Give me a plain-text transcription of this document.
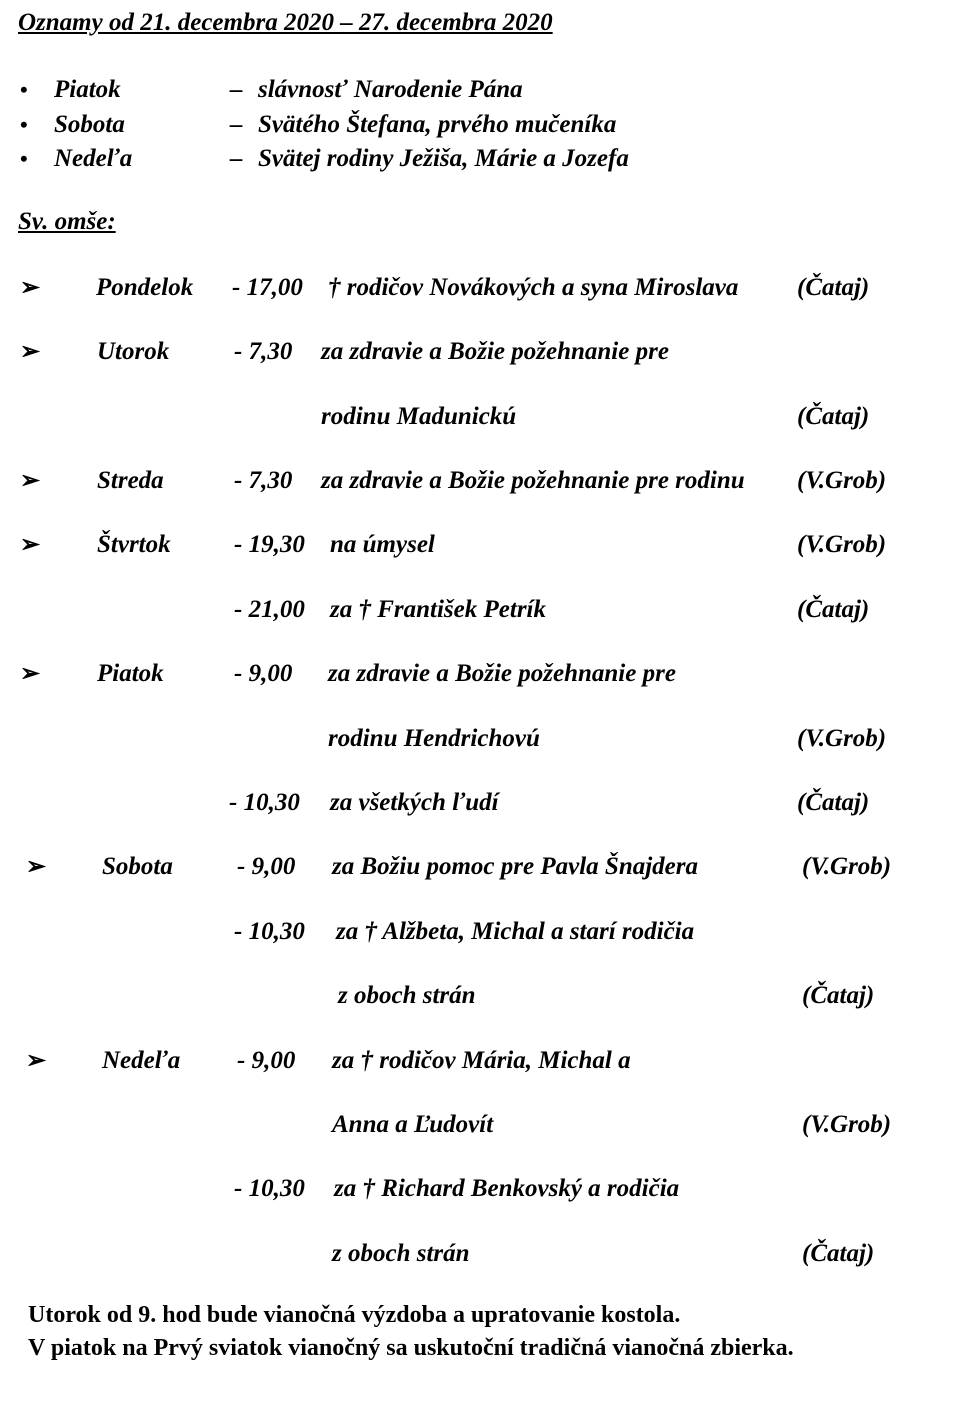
Oznamy od 21. decembra 2020 – 27. decembra 2020
• Piatok	– slávnosť Narodenie Pána
• Sobota	– Svätého Štefana, prvého mučeníka
• Nedeľa	– Svätej rodiny Ježiša, Márie a Jozefa
Sv. omše:
➢ Pondelok - 17,00 † rodičov Novákových a syna Miroslava (Čataj)
➢ Utorok	- 7,30 za zdravie a Božie požehnanie pre
rodinu Madunickú	(Čataj)
➢ Streda	- 7,30 za zdravie a Božie požehnanie pre rodinu (V.Grob)
➢ Štvrtok	- 19,30 na úmysel	(V.Grob)
- 21,00 za † František Petrík	(Čataj)
➢ Piatok	- 9,00 za zdravie a Božie požehnanie pre
rodinu Hendrichovú	(V.Grob)
- 10,30 za všetkých ľudí	(Čataj)
➢ Sobota	- 9,00 za Božiu pomoc pre Pavla Šnajdera	(V.Grob)
- 10,30 za † Alžbeta, Michal a starí rodičia
z oboch strán	(Čataj)
➢ Nedeľa - 9,00 za † rodičov Mária, Michal a
Anna a Ľudovít	(V.Grob)
- 10,30 za † Richard Benkovský a rodičia
z oboch strán	(Čataj)
Utorok od 9. hod bude vianočná výzdoba a upratovanie kostola.
V piatok na Prvý sviatok vianočný sa uskutoční tradičná vianočná zbierka.
